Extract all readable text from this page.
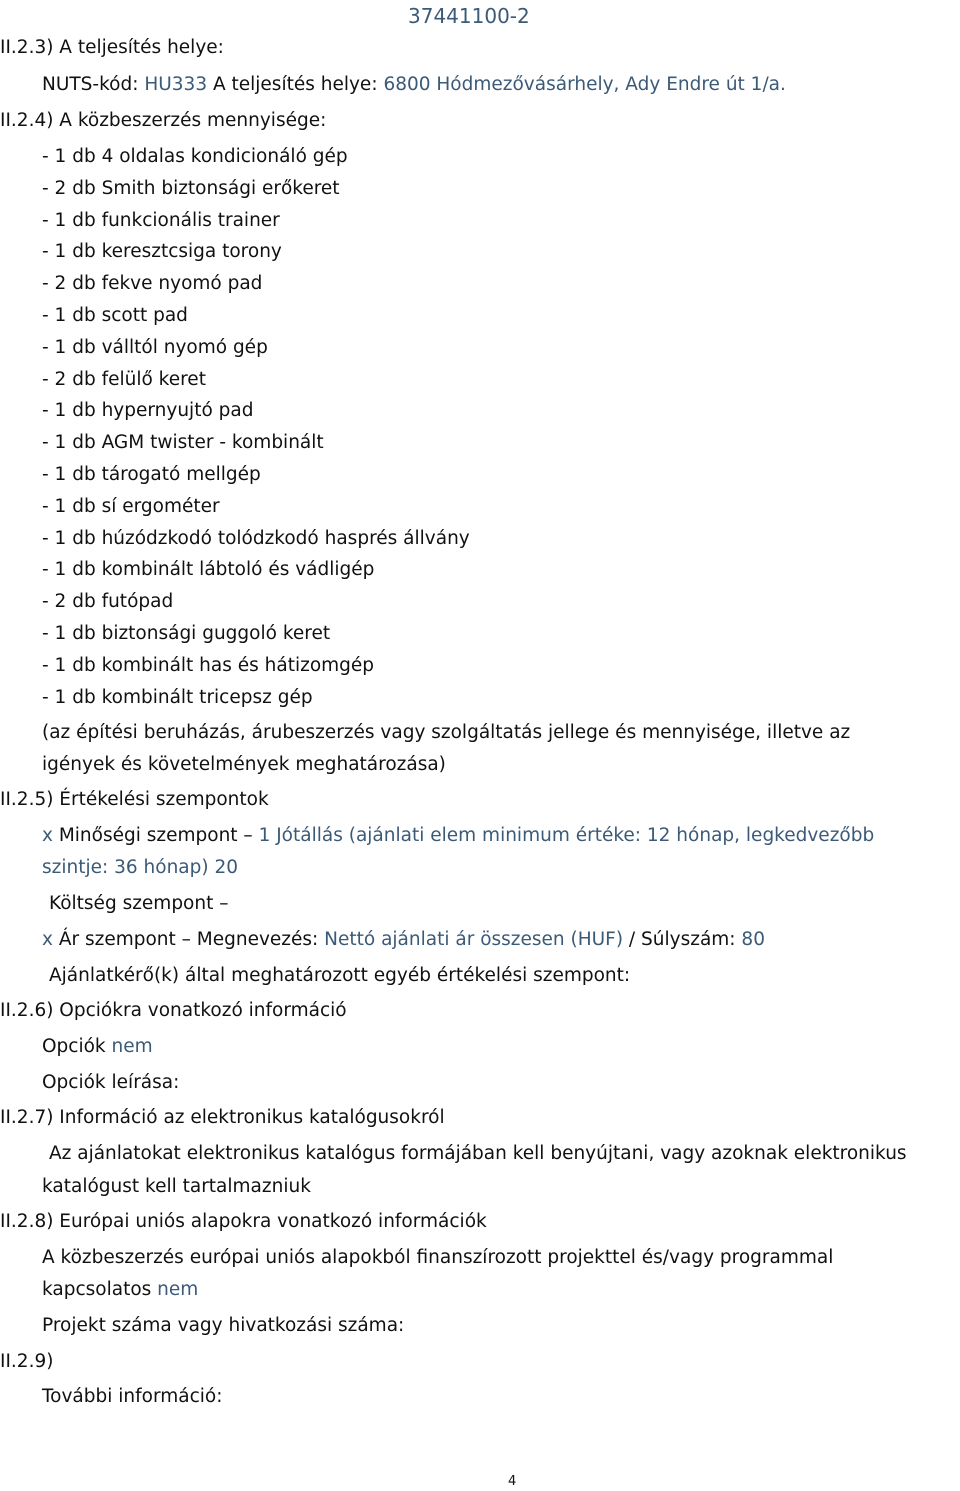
37441100-2
II.2.3) A teljesítés helye:
NUTS-kód: HU333 A teljesítés helye: 6800 Hódmezővásárhely, Ady Endre út 1/a.
II.2.4) A közbeszerzés mennyisége:
- 1 db 4 oldalas kondicionáló gép
- 2 db Smith biztonsági erőkeret
- 1 db funkcionális trainer
- 1 db keresztcsiga torony
- 2 db fekve nyomó pad
- 1 db scott pad
- 1 db válltól nyomó gép
- 2 db felülő keret
- 1 db hypernyujtó pad
- 1 db AGM twister - kombinált
- 1 db tárogató mellgép
- 1 db sí ergométer
- 1 db húzódzkodó tolódzkodó hasprés állvány
- 1 db kombinált lábtoló és vádligép
- 2 db futópad
- 1 db biztonsági guggoló keret
- 1 db kombinált has és hátizomgép
- 1 db kombinált tricepsz gép
(az építési beruházás, árubeszerzés vagy szolgáltatás jellege és mennyisége, illetve az
igények és követelmények meghatározása)
II.2.5) Értékelési szempontok
x Minőségi szempont – 1 Jótállás (ajánlati elem minimum értéke: 12 hónap, legkedvezőbb
szintje: 36 hónap) 20
Költség szempont –
x Ár szempont – Megnevezés: Nettó ajánlati ár összesen (HUF) / Súlyszám: 80
Ajánlatkérő(k) által meghatározott egyéb értékelési szempont:
II.2.6) Opciókra vonatkozó információ
Opciók nem
Opciók leírása:
II.2.7) Információ az elektronikus katalógusokról
Az ajánlatokat elektronikus katalógus formájában kell benyújtani, vagy azoknak elektronikus
katalógust kell tartalmazniuk
II.2.8) Európai uniós alapokra vonatkozó információk
A közbeszerzés európai uniós alapokból finanszírozott projekttel és/vagy programmal
kapcsolatos nem
Projekt száma vagy hivatkozási száma:
II.2.9)
További információ:
4
